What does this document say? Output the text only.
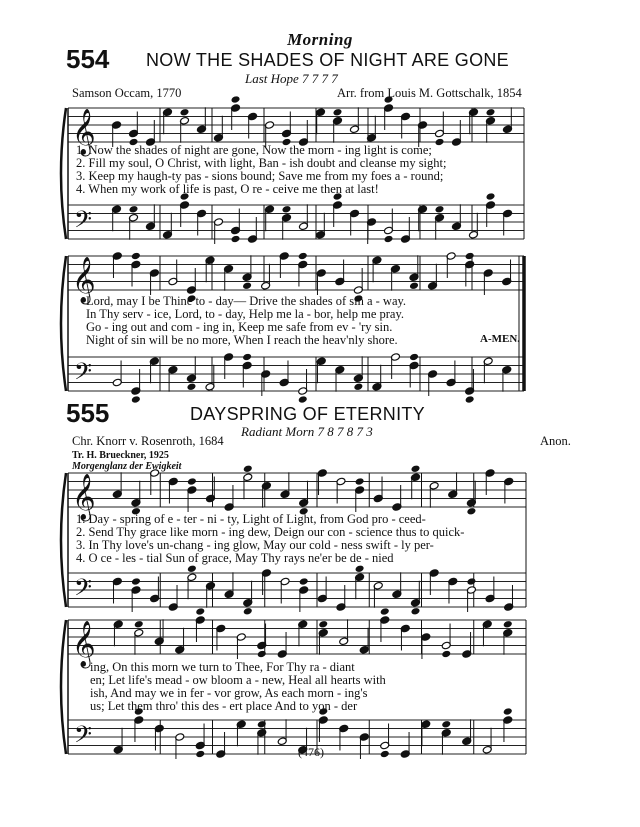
𝄞
𝄢
𝄞
𝄢
𝄞
𝄢
𝄞
𝄢
Morning
554 NOW THE SHADES OF NIGHT ARE GONE
Last Hope 7 7 7 7
Samson Occam, 1770	Arr. from Louis M. Gottschalk, 1854
1. Now the shades of night are gone, Now the morn - ing light is come;
2. Fill my soul, O Christ, with light, Ban - ish doubt and cleanse my sight;
3. Keep my haugh-ty pas - sions bound; Save me from my foes a - round;
4. When my work of life is past, O re - ceive me then at last!
Lord, may I be Thine to - day— Drive the shades of sin a - way.
In Thy serv - ice, Lord, to - day, Help me la - bor, help me pray.
Go - ing out and com - ing in, Keep me safe from ev - 'ry sin.
Night of sin will be no more, When I reach the heav'nly shore.	A-MEN.
555	DAYSPRING OF ETERNITY
Radiant Morn 7 8 7 8 7 3
Chr. Knorr v. Rosenroth, 1684	Anon.
Tr. H. Brueckner, 1925
Morgenglanz der Ewigkeit
1. Day - spring of e - ter - ni - ty, Light of Light, from God pro - ceed-
2. Send Thy grace like morn - ing dew, Deign our con - science thus to quick-
3. In Thy love's un-chang - ing glow, May our cold - ness swift - ly per-
4. O ce - les - tial Sun of grace, May Thy rays ne'er be de - nied
ing, On this morn we turn to Thee, For Thy ra - diant
en; Let life's mead - ow bloom a - new, Heal all hearts with
ish, And may we in fer - vor grow, As each morn - ing's
us; Let them thro' this des - ert place And to yon - der
(476)
